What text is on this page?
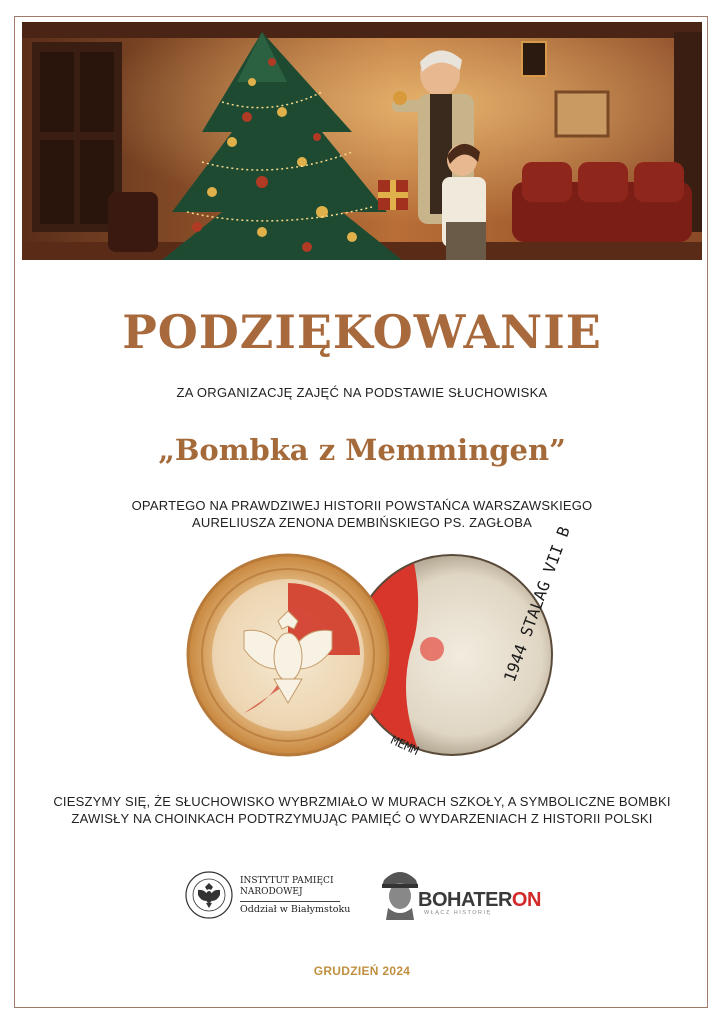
PODZIĘKOWANIE
ZA ORGANIZACJĘ ZAJĘĆ NA PODSTAWIE SŁUCHOWISKA
„Bombka z Memmingen”
OPARTEGO NA PRAWDZIWEJ HISTORII POWSTAŃCA WARSZAWSKIEGO
AURELIUSZA ZENONA DEMBIŃSKIEGO PS. ZAGŁOBA
1944 STALAG VII B
MEMM
CIESZYMY SIĘ, ŻE SŁUCHOWISKO WYBRZMIAŁO W MURACH SZKOŁY, A SYMBOLICZNE BOMBKI
ZAWISŁY NA CHOINKACH PODTRZYMUJĄC PAMIĘĆ O WYDARZENIACH Z HISTORII POLSKI
INSTYTUT PAMIĘCI
NARODOWEJ
Oddział w Białymstoku	BOHATERON
WŁĄCZ HISTORIĘ
GRUDZIEŃ 2024
